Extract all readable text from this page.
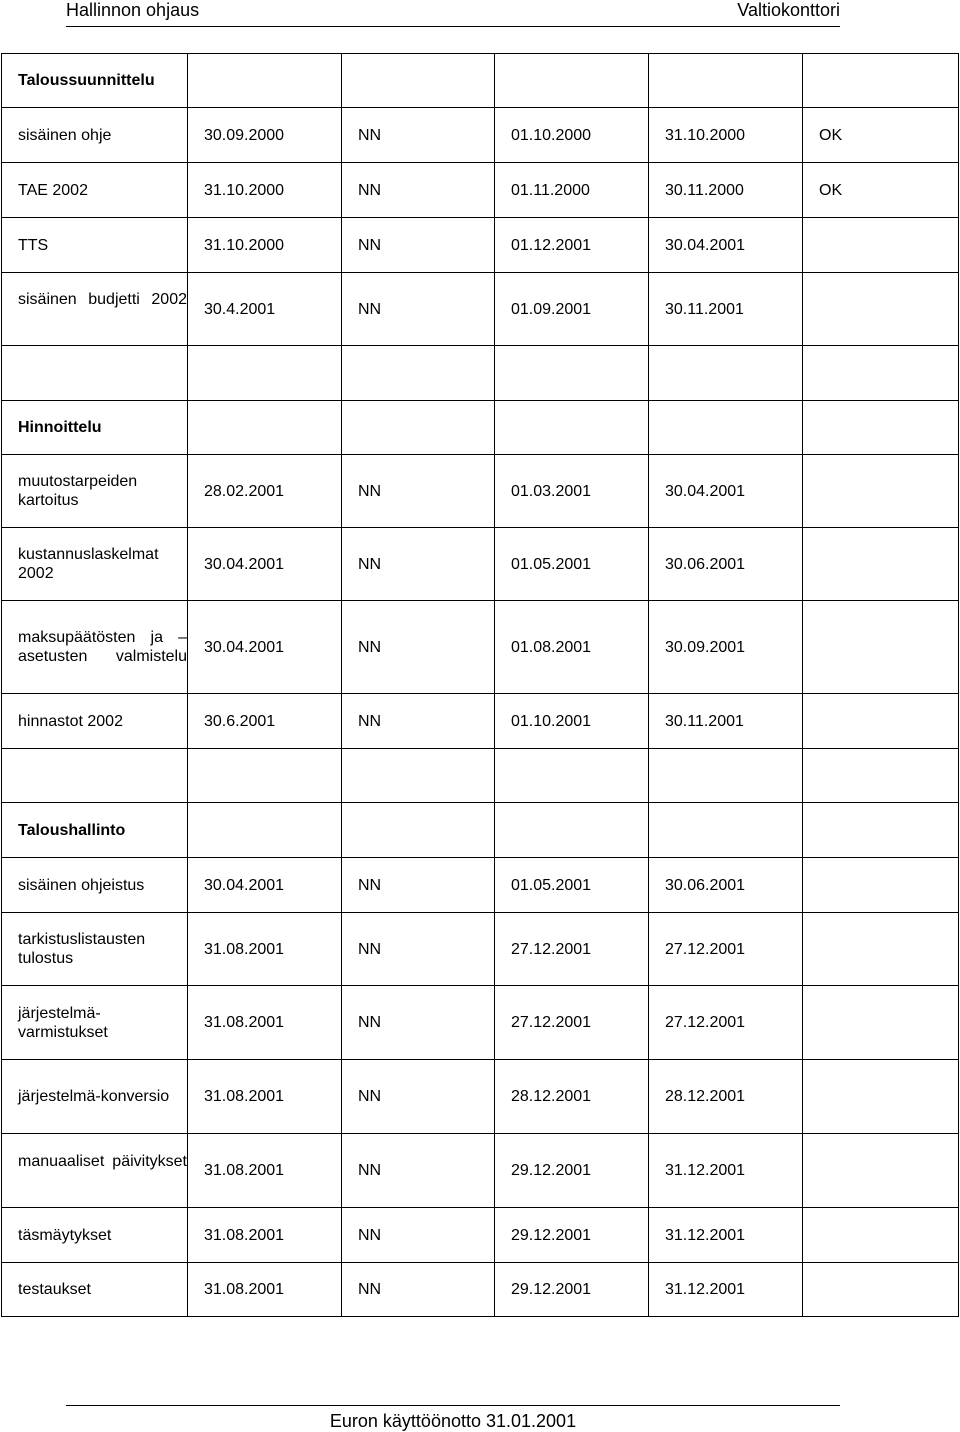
Hallinnon ohjaus	Valtiokonttori
Taloussuunnittelu					
sisäinen ohje	30.09.2000	NN	01.10.2000	31.10.2000	OK
TAE 2002	31.10.2000	NN	01.11.2000	30.11.2000	OK
TTS	31.10.2000	NN	01.12.2001	30.04.2001	
sisäinen budjetti 2002	30.4.2001	NN	01.09.2001	30.11.2001	

Hinnoittelu					
muutostarpeiden kartoitus	28.02.2001	NN	01.03.2001	30.04.2001	
kustannuslaskelmat 2002	30.04.2001	NN	01.05.2001	30.06.2001	
maksupäätösten ja –asetusten valmistelu	30.04.2001	NN	01.08.2001	30.09.2001	
hinnastot 2002	30.6.2001	NN	01.10.2001	30.11.2001	

Taloushallinto					
sisäinen ohjeistus	30.04.2001	NN	01.05.2001	30.06.2001	
tarkistuslistausten tulostus	31.08.2001	NN	27.12.2001	27.12.2001	
järjestelmä-varmistukset	31.08.2001	NN	27.12.2001	27.12.2001	
järjestelmä-konversio	31.08.2001	NN	28.12.2001	28.12.2001	
manuaaliset päivitykset	31.08.2001	NN	29.12.2001	31.12.2001	
täsmäytykset	31.08.2001	NN	29.12.2001	31.12.2001	
testaukset	31.08.2001	NN	29.12.2001	31.12.2001	
Euron käyttöönotto 31.01.2001
